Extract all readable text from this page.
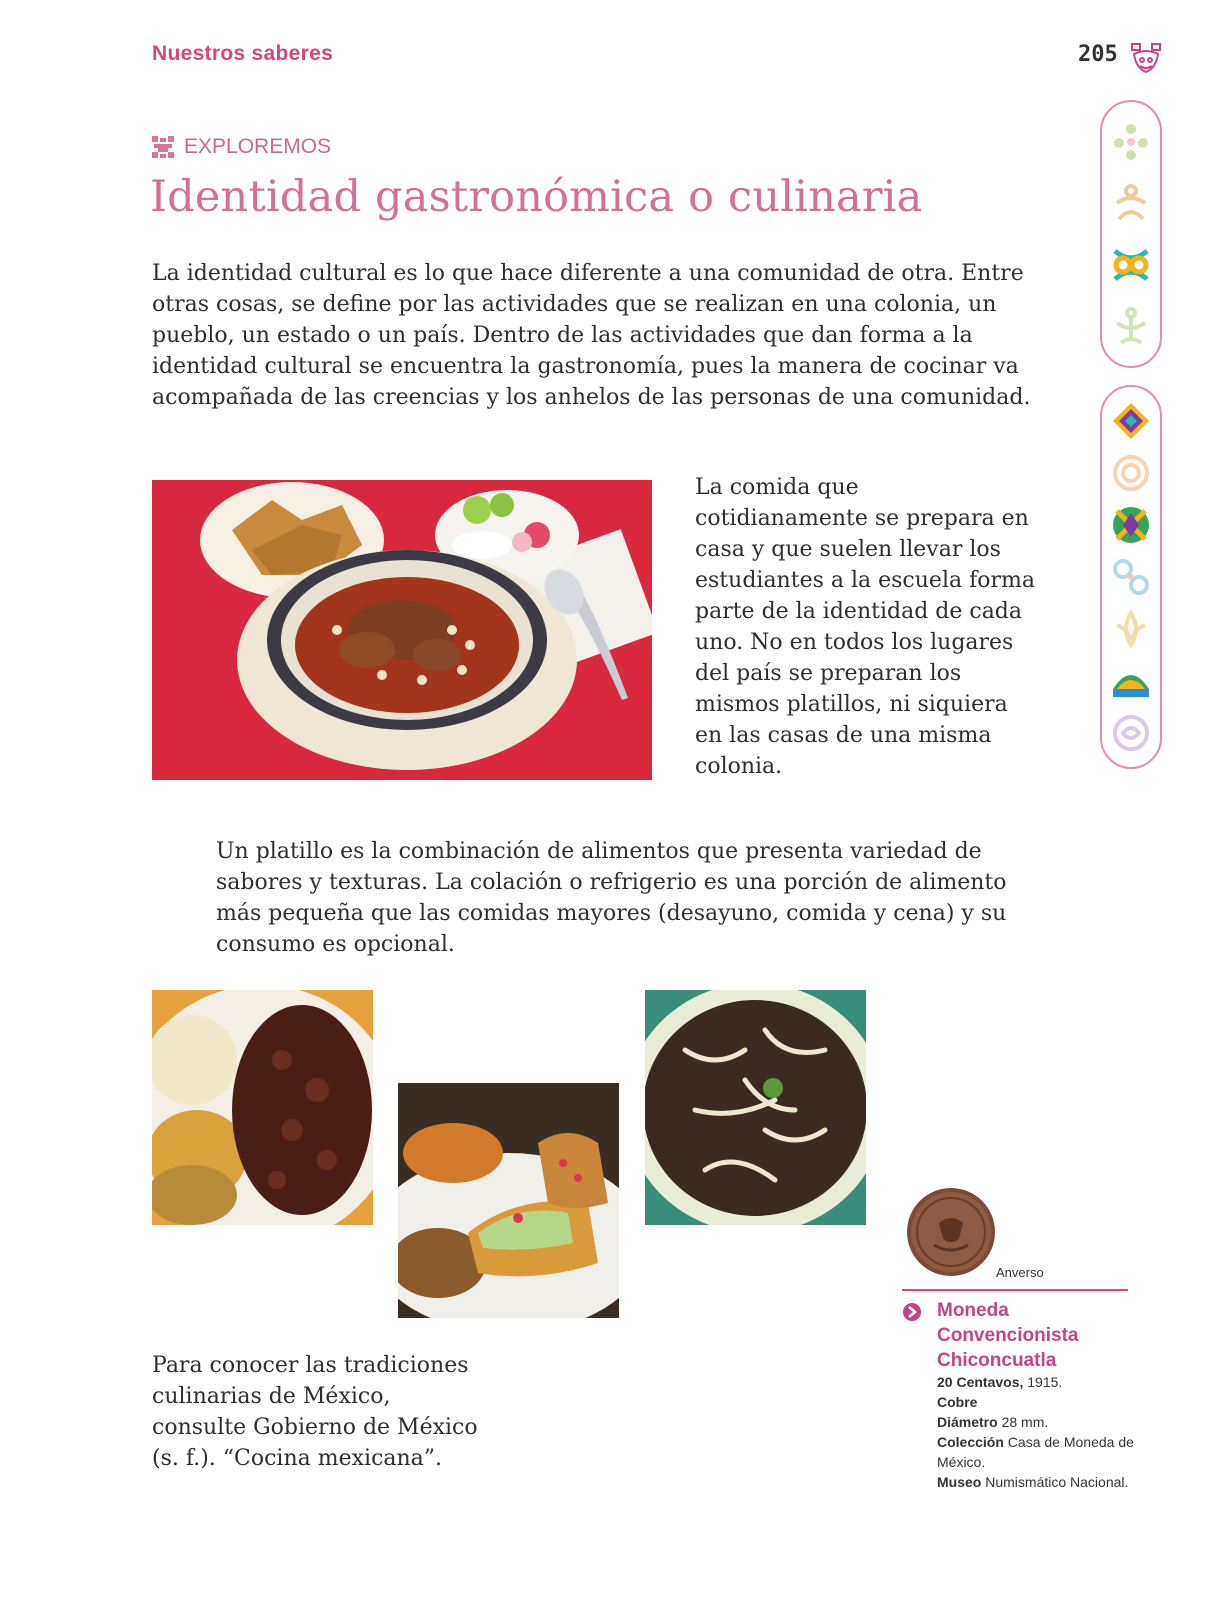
Nuestros saberes	205
EXPLOREMOS
Identidad gastronómica o culinaria

La identidad cultural es lo que hace diferente a una comunidad de otra. Entre otras cosas, se define por las actividades que se realizan en una colonia, un pueblo, un estado o un país. Dentro de las actividades que dan forma a la identidad cultural se encuentra la gastronomía, pues la manera de cocinar va acompañada de las creencias y los anhelos de las personas de una comunidad.

La comida que cotidianamente se prepara en casa y que suelen llevar los estudiantes a la escuela forma parte de la identidad de cada uno. No en todos los lugares del país se preparan los mismos platillos, ni siquiera en las casas de una misma colonia.

Un platillo es la combinación de alimentos que presenta variedad de sabores y texturas. La colación o refrigerio es una porción de alimento más pequeña que las comidas mayores (desayuno, comida y cena) y su consumo es opcional.

Para conocer las tradiciones culinarias de México, consulte Gobierno de México (s. f.). “Cocina mexicana”.

Anverso
Moneda Convencionista Chiconcuatla
20 Centavos, 1915.
Cobre
Diámetro 28 mm.
Colección Casa de Moneda de México.
Museo Numismático Nacional.
